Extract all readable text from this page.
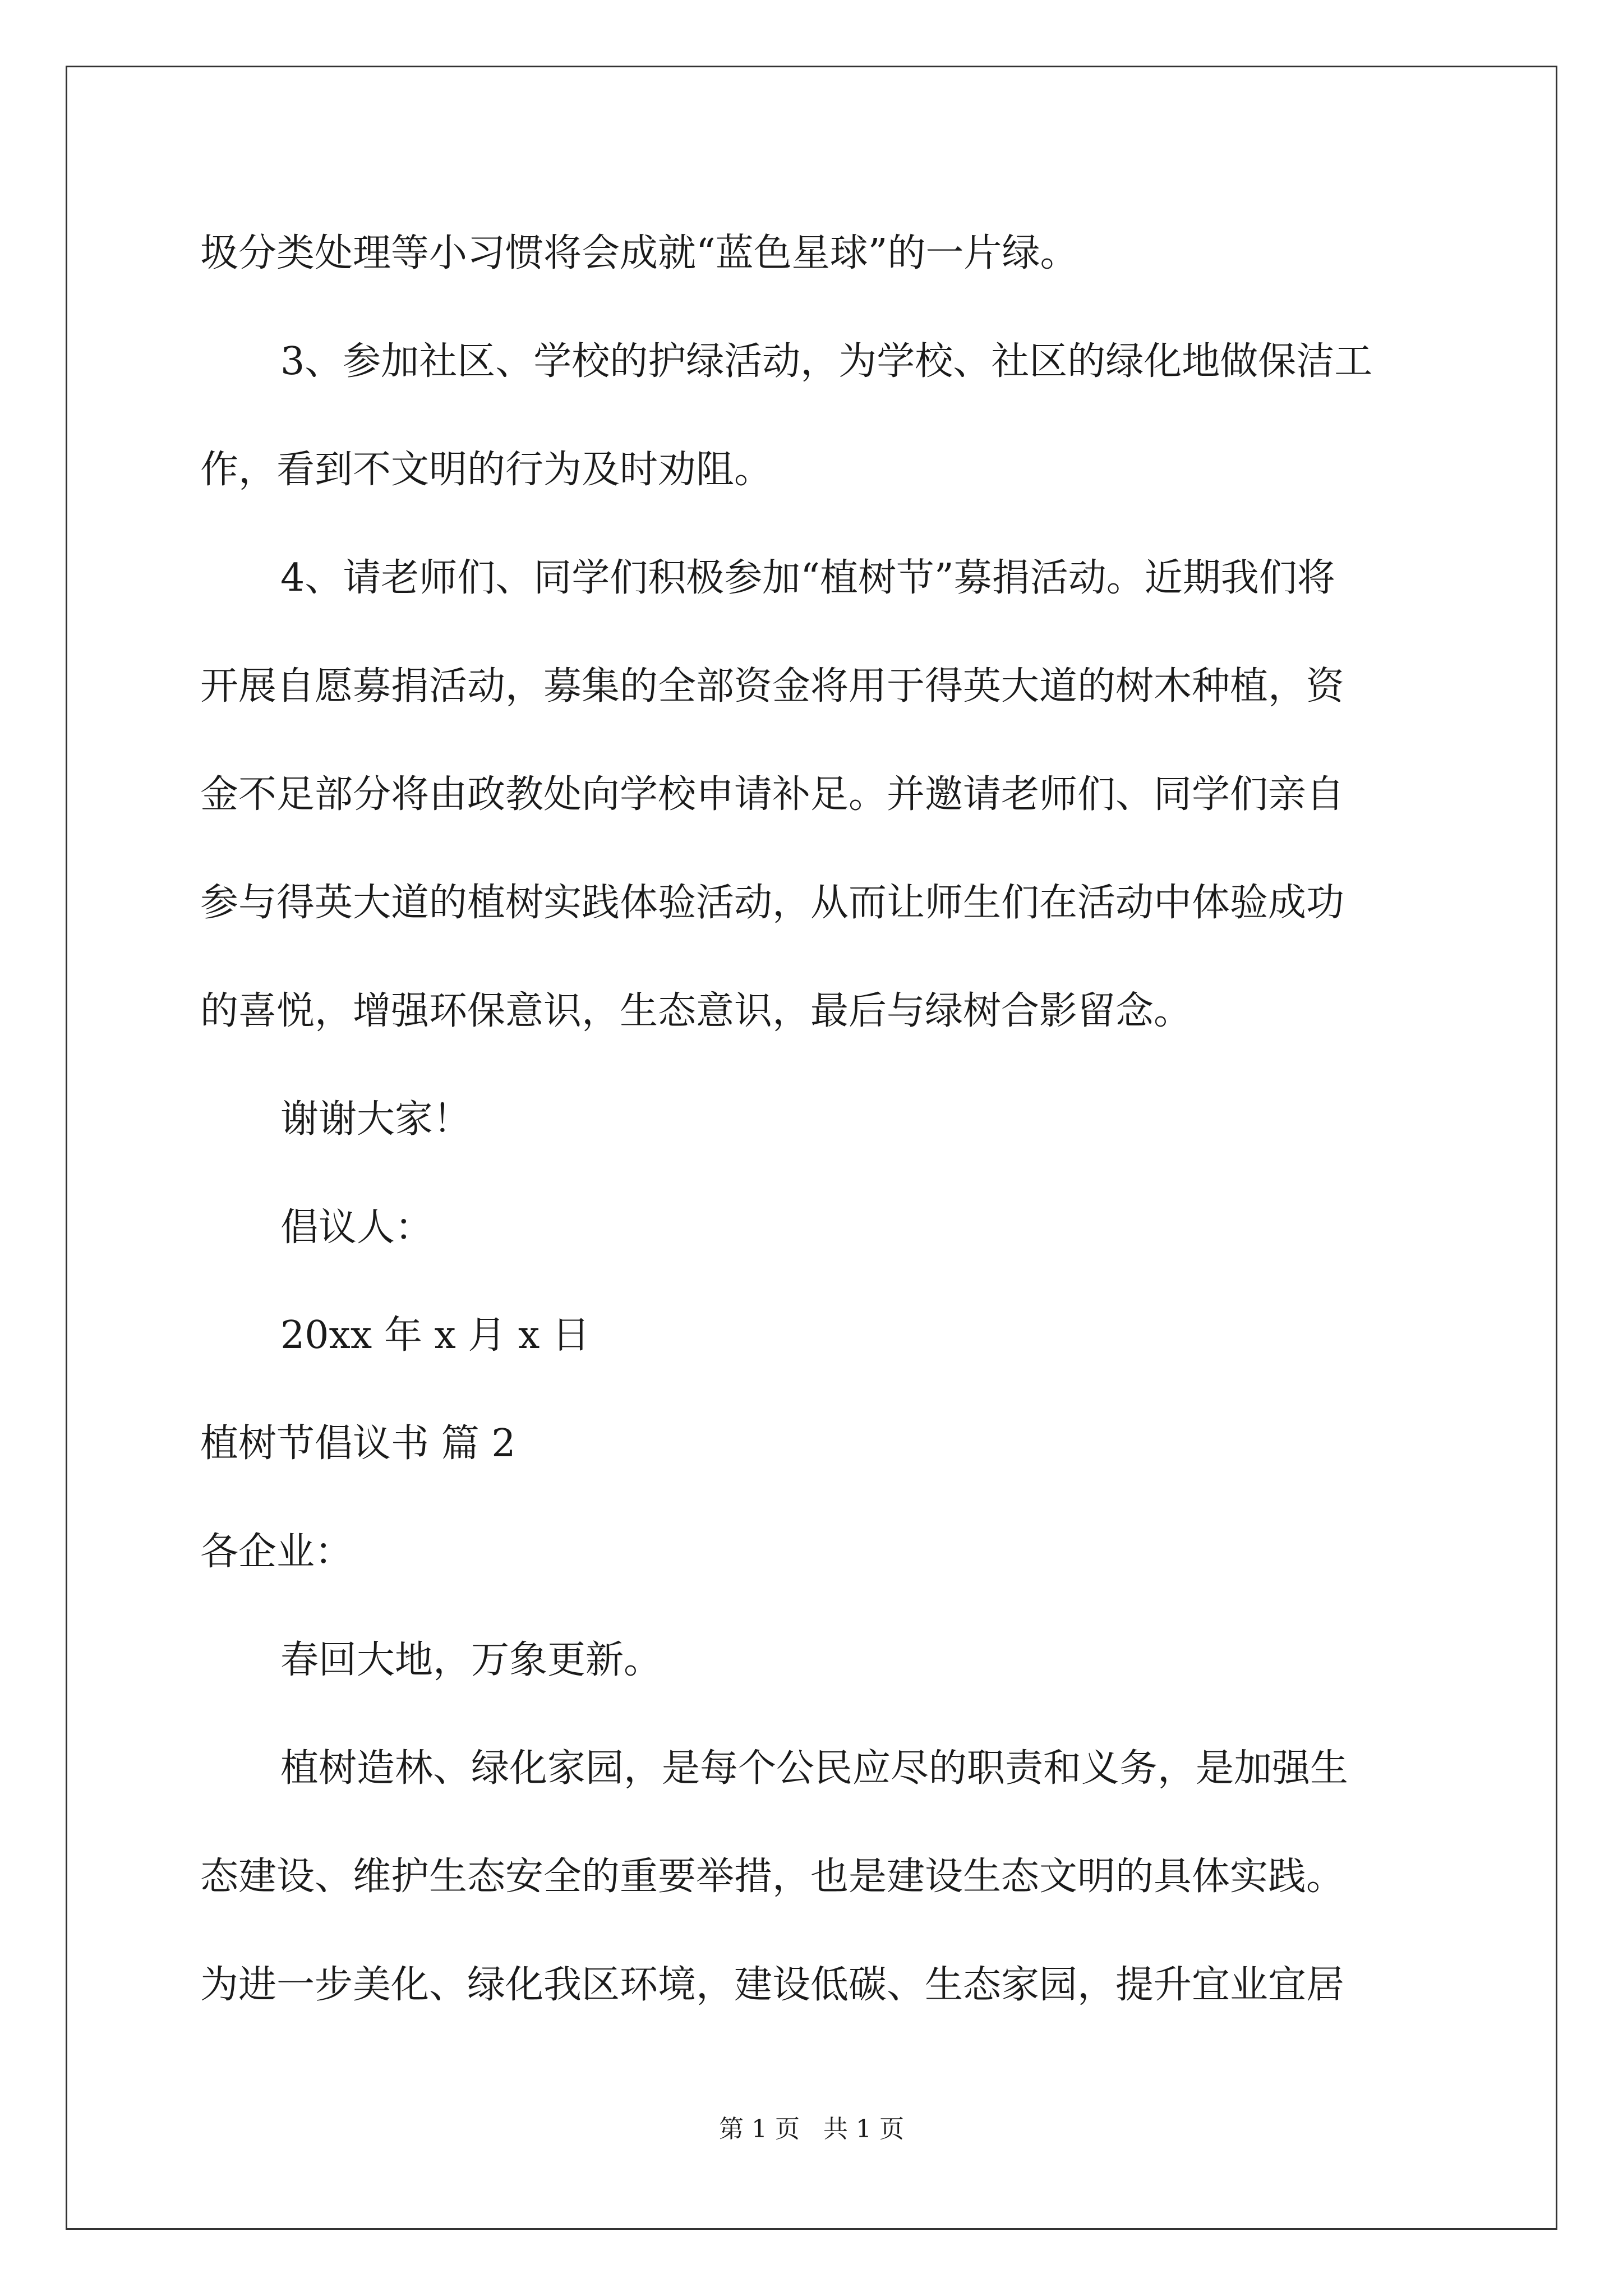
圾分类处理等小习惯将会成就“蓝色星球”的一片绿。

3、参加社区、学校的护绿活动，为学校、社区的绿化地做保洁工

作，看到不文明的行为及时劝阻。

4、请老师们、同学们积极参加“植树节”募捐活动。近期我们将

开展自愿募捐活动，募集的全部资金将用于得英大道的树木种植，资

金不足部分将由政教处向学校申请补足。并邀请老师们、同学们亲自

参与得英大道的植树实践体验活动，从而让师生们在活动中体验成功

的喜悦，增强环保意识，生态意识，最后与绿树合影留念。

谢谢大家！

倡议人：

20xx 年 x 月 x 日

植树节倡议书 篇 2

各企业：

春回大地，万象更新。

植树造林、绿化家园，是每个公民应尽的职责和义务，是加强生

态建设、维护生态安全的重要举措，也是建设生态文明的具体实践。

为进一步美化、绿化我区环境，建设低碳、生态家园，提升宜业宜居

第 1 页   共 1 页
